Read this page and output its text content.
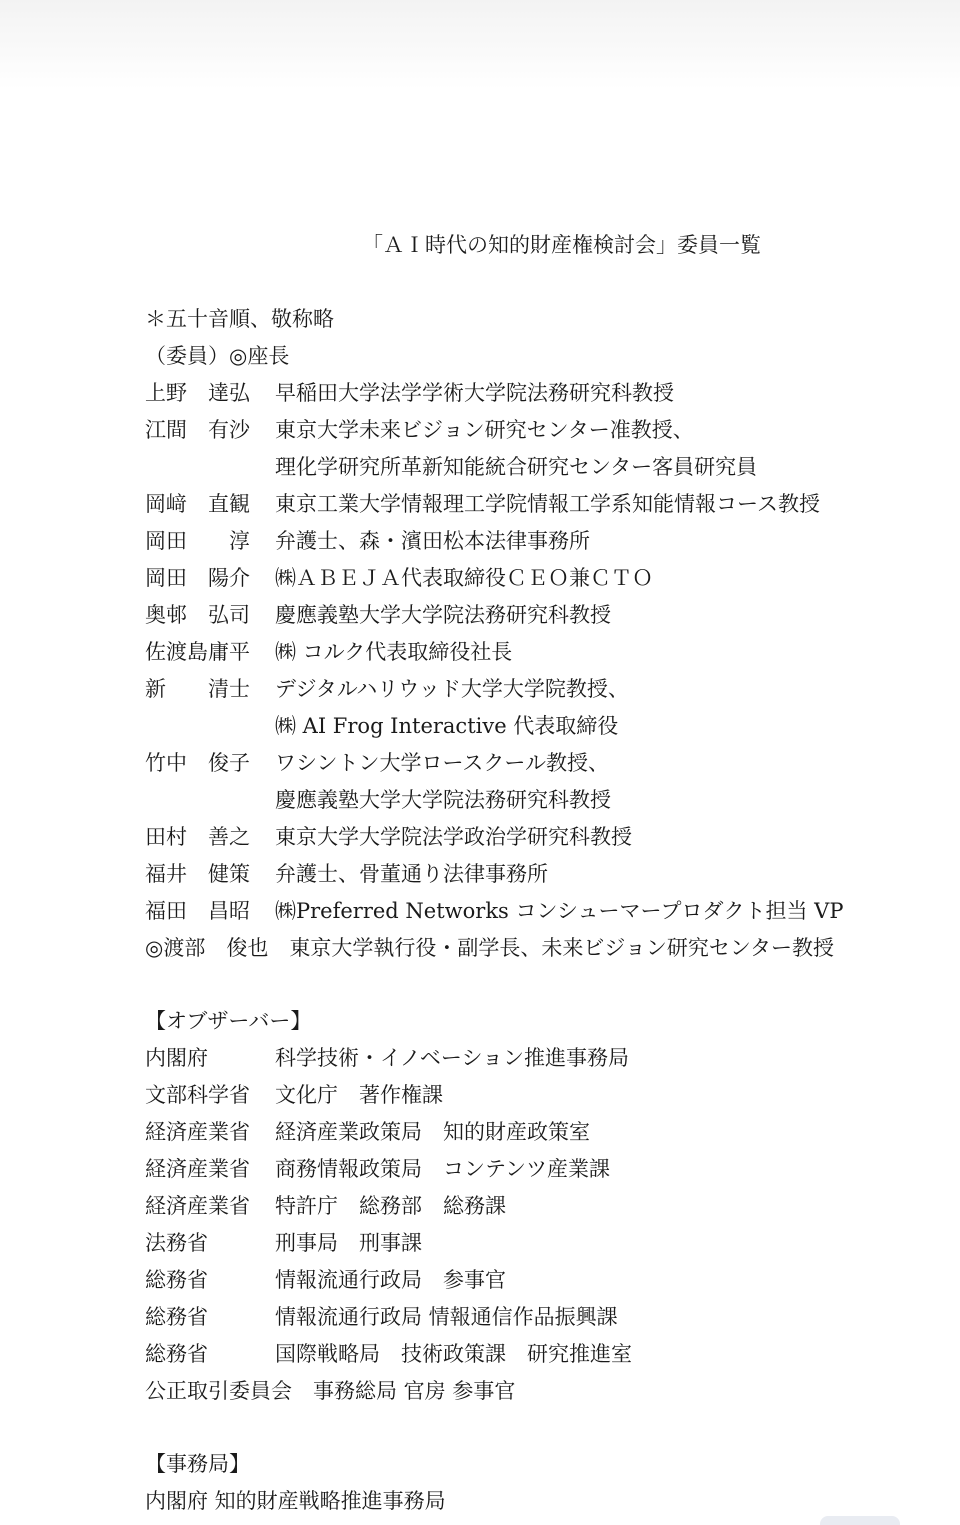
「ＡＩ時代の知的財産権検討会」委員一覧
＊五十音順、敬称略
（委員）◎座長
上野　達弘 早稲田大学法学学術大学院法務研究科教授
江間　有沙 東京大学未来ビジョン研究センター准教授、
理化学研究所革新知能統合研究センター客員研究員
岡﨑　直観 東京工業大学情報理工学院情報工学系知能情報コース教授
岡田　　淳 弁護士、森・濱田松本法律事務所
岡田　陽介 ㈱ＡＢＥＪＡ代表取締役ＣＥＯ兼ＣＴＯ
奥邨　弘司 慶應義塾大学大学院法務研究科教授
佐渡島庸平 ㈱ コルク代表取締役社長
新　　清士 デジタルハリウッド大学大学院教授、
㈱ AI Frog Interactive 代表取締役
竹中　俊子 ワシントン大学ロースクール教授、
慶應義塾大学大学院法務研究科教授
田村　善之 東京大学大学院法学政治学研究科教授
福井　健策 弁護士、骨董通り法律事務所
福田　昌昭 ㈱Preferred Networks コンシューマープロダクト担当 VP
◎渡部　俊也　東京大学執行役・副学長、未来ビジョン研究センター教授
【オブザーバー】
内閣府	科学技術・イノベーション推進事務局
文部科学省 文化庁　著作権課
経済産業省 経済産業政策局　知的財産政策室
経済産業省 商務情報政策局　コンテンツ産業課
経済産業省 特許庁　総務部　総務課
法務省	刑事局　刑事課
総務省	情報流通行政局　参事官
総務省	情報流通行政局 情報通信作品振興課
総務省	国際戦略局　技術政策課　研究推進室
公正取引委員会　事務総局 官房 参事官
【事務局】
内閣府 知的財産戦略推進事務局
